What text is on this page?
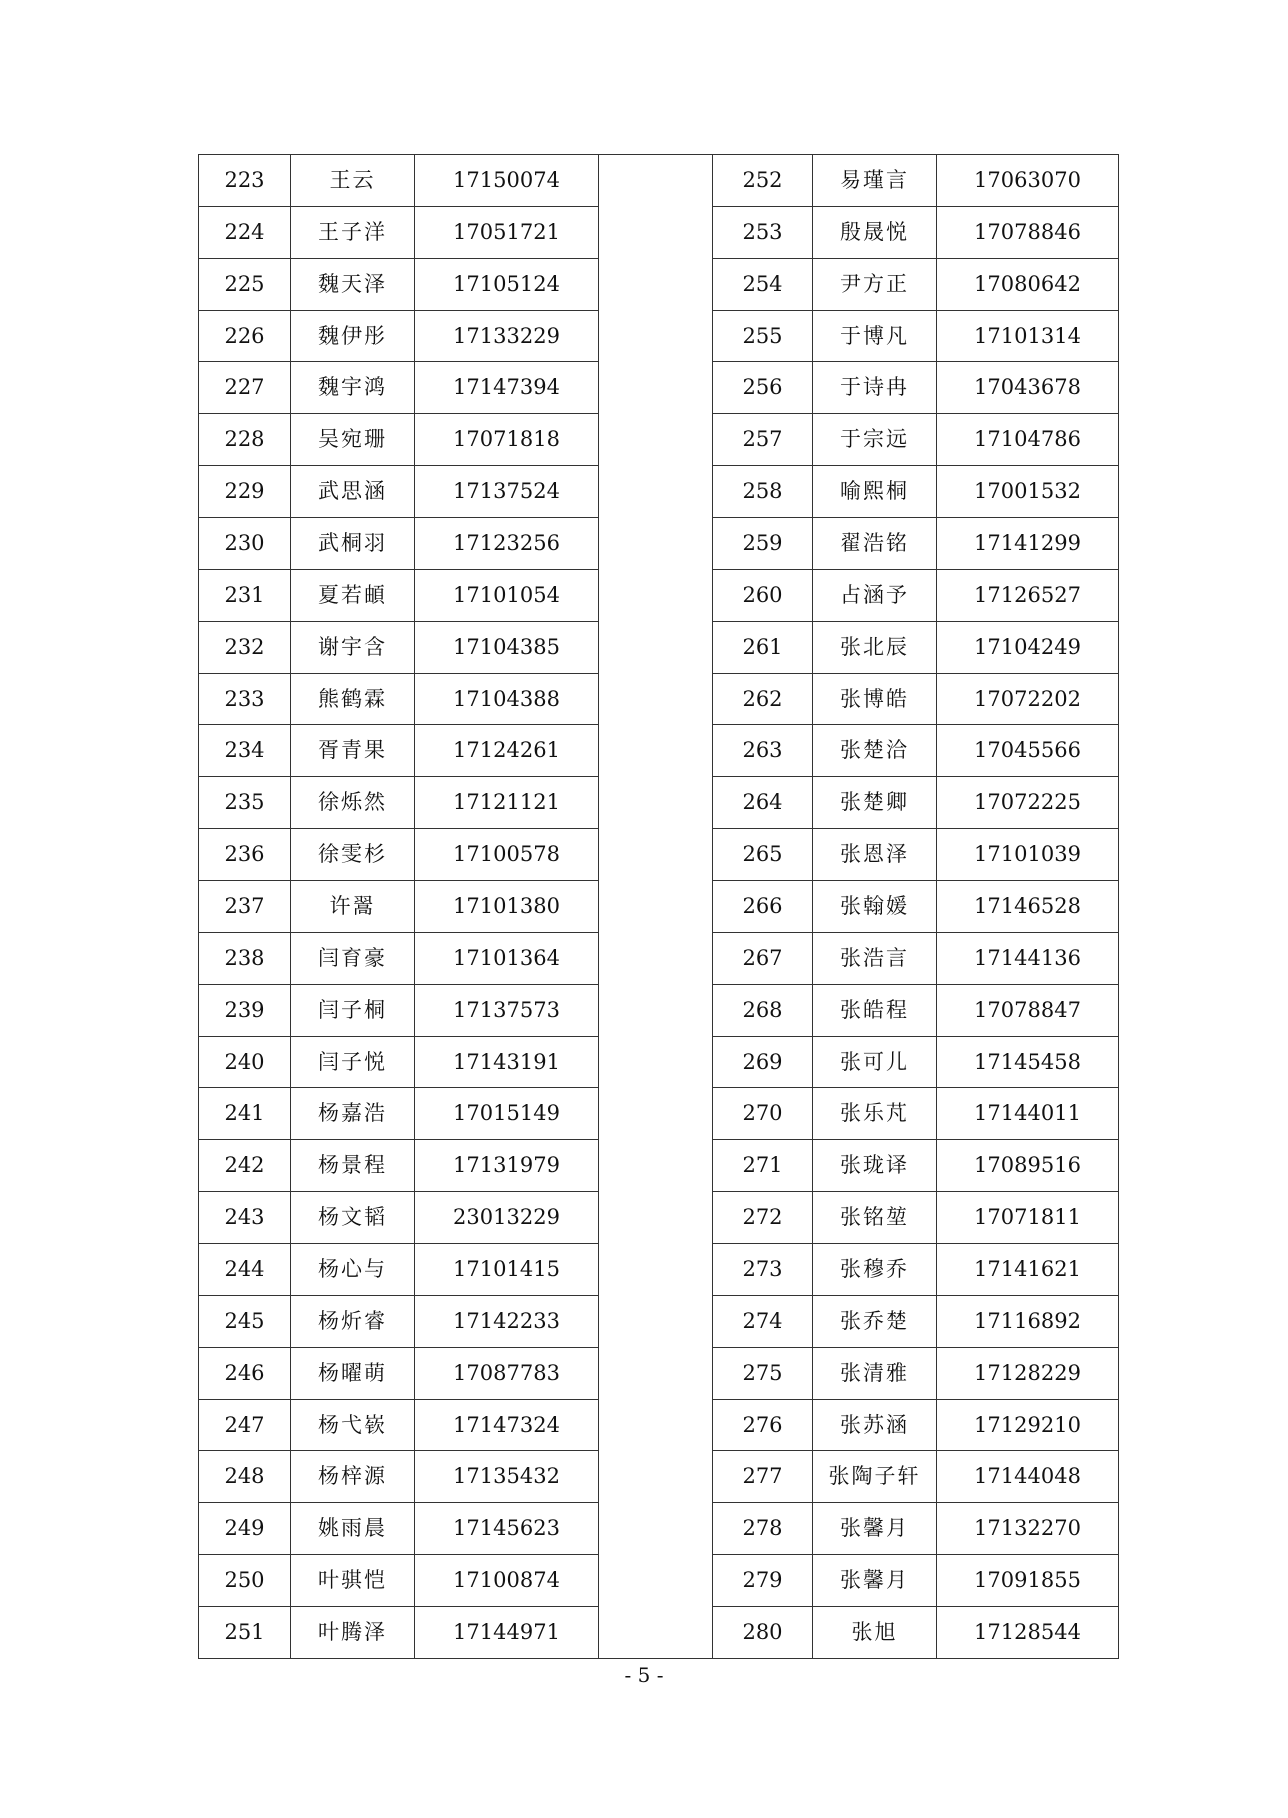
223	王云	17150074		252	易瑾言	17063070
224	王子洋	17051721		253	殷晟悦	17078846
225	魏天泽	17105124		254	尹方正	17080642
226	魏伊彤	17133229		255	于博凡	17101314
227	魏宇鸿	17147394		256	于诗冉	17043678
228	吴宛珊	17071818		257	于宗远	17104786
229	武思涵	17137524		258	喻熙桐	17001532
230	武桐羽	17123256		259	翟浩铭	17141299
231	夏若頔	17101054		260	占涵予	17126527
232	谢宇含	17104385		261	张北辰	17104249
233	熊鹤霖	17104388		262	张博皓	17072202
234	胥青果	17124261		263	张楚洽	17045566
235	徐烁然	17121121		264	张楚卿	17072225
236	徐雯杉	17100578		265	张恩泽	17101039
237	许翯	17101380		266	张翰媛	17146528
238	闫育豪	17101364		267	张浩言	17144136
239	闫子桐	17137573		268	张皓程	17078847
240	闫子悦	17143191		269	张可儿	17145458
241	杨嘉浩	17015149		270	张乐芃	17144011
242	杨景程	17131979		271	张珑译	17089516
243	杨文韬	23013229		272	张铭堃	17071811
244	杨心与	17101415		273	张穆乔	17141621
245	杨炘睿	17142233		274	张乔楚	17116892
246	杨曜萌	17087783		275	张清雅	17128229
247	杨弋嵚	17147324		276	张苏涵	17129210
248	杨梓源	17135432		277	张陶子轩	17144048
249	姚雨晨	17145623		278	张馨月	17132270
250	叶骐恺	17100874		279	张馨月	17091855
251	叶腾泽	17144971		280	张旭	17128544
- 5 -
